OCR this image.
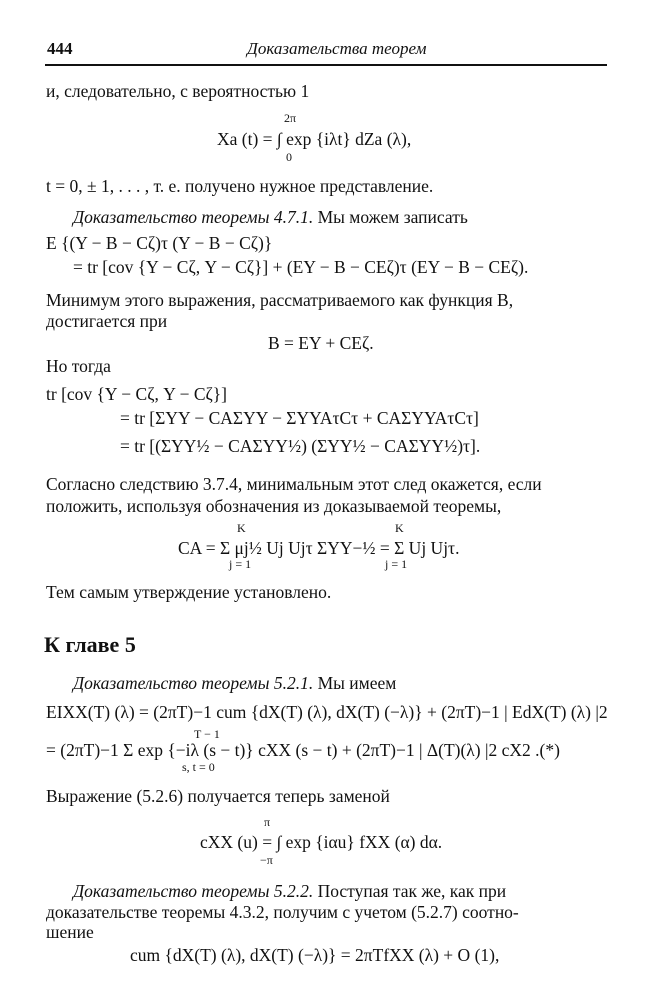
444	Доказательства теорем
и, следовательно, с вероятностью 1
2π
Xa (t) = ∫ exp {iλt} dZa (λ),
0
t = 0, ± 1, . . . , т. е. получено нужное представление.
Доказательство теоремы 4.7.1. Мы можем записать
E {(Y − B − Cζ)τ (Y − B − Cζ)}
= tr [cov {Y − Cζ, Y − Cζ}] + (EY − B − CEζ)τ (EY − B − CEζ).
Минимум этого выражения, рассматриваемого как функция B,
достигается при
B = EY + CEζ.
Но тогда
tr [cov {Y − Cζ, Y − Cζ}]
= tr [ΣYY − CAΣYY − ΣYYAτCτ + CAΣYYAτCτ]
= tr [(ΣYY½ − CAΣYY½) (ΣYY½ − CAΣYY½)τ].
Согласно следствию 3.7.4, минимальным этот след окажется, если
положить, используя обозначения из доказываемой теоремы,
K	K
CA = Σ μj½ Uj Ujτ ΣYY−½ = Σ Uj Ujτ.
j = 1	j = 1
Тем самым утверждение установлено.
К главе 5
Доказательство теоремы 5.2.1. Мы имеем
EIXX(T) (λ) = (2πT)−1 cum {dX(T) (λ), dX(T) (−λ)} + (2πT)−1 | EdX(T) (λ) |2
T − 1
= (2πT)−1 Σ exp {−iλ (s − t)} cXX (s − t) + (2πT)−1 | Δ(T)(λ) |2 cX2 .(*)
s, t = 0
Выражение (5.2.6) получается теперь заменой
π
cXX (u) = ∫ exp {iαu} fXX (α) dα.
−π
Доказательство теоремы 5.2.2. Поступая так же, как при
доказательстве теоремы 4.3.2, получим с учетом (5.2.7) соотно-
шение
cum {dX(T) (λ), dX(T) (−λ)} = 2πTfXX (λ) + O (1),
